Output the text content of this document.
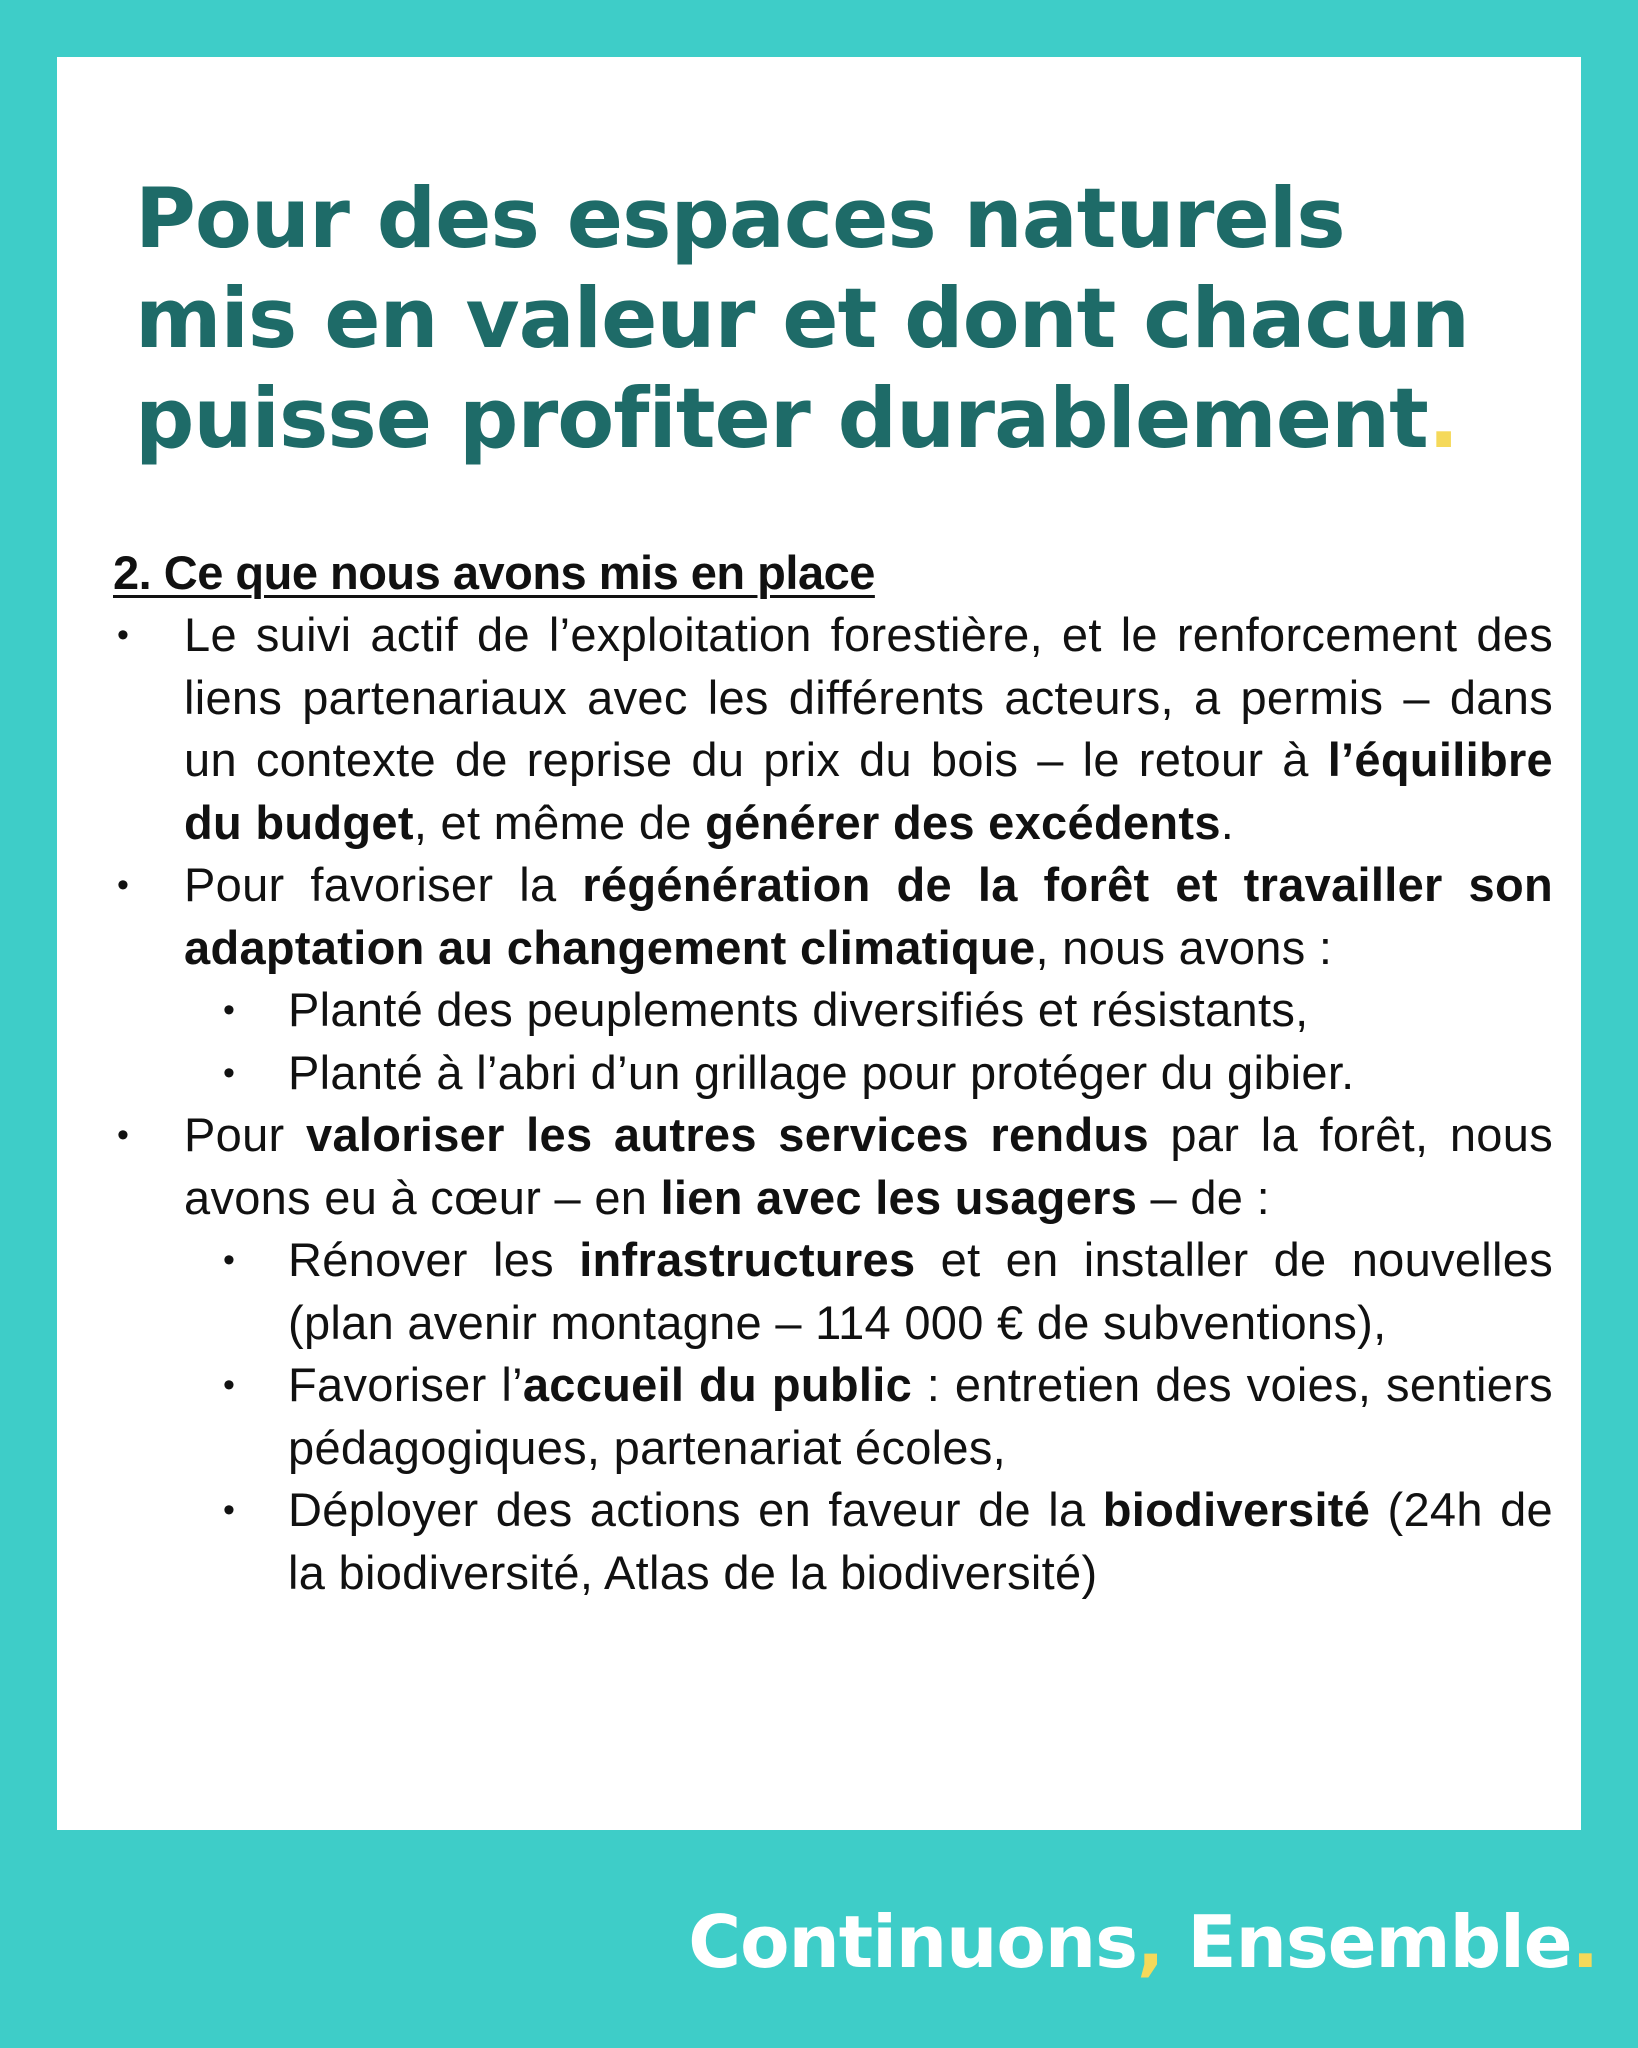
Pour des espaces naturels
mis en valeur et dont chacun
puisse profiter durablement.
2. Ce que nous avons mis en place
• Le suivi actif de l’exploitation forestière, et le renforcement des liens partenariaux avec les différents acteurs, a permis – dans un contexte de reprise du prix du bois – le retour à l’équilibre du budget, et même de générer des excédents.
• Pour favoriser la régénération de la forêt et travailler son adaptation au changement climatique, nous avons :
• Planté des peuplements diversifiés et résistants,
• Planté à l’abri d’un grillage pour protéger du gibier.
• Pour valoriser les autres services rendus par la forêt, nous avons eu à cœur – en lien avec les usagers – de :
• Rénover les infrastructures et en installer de nouvelles (plan avenir montagne – 114 000 € de subventions),
• Favoriser l’accueil du public : entretien des voies, sentiers pédagogiques, partenariat écoles,
• Déployer des actions en faveur de la biodiversité (24h de la biodiversité, Atlas de la biodiversité)
Continuons, Ensemble.
